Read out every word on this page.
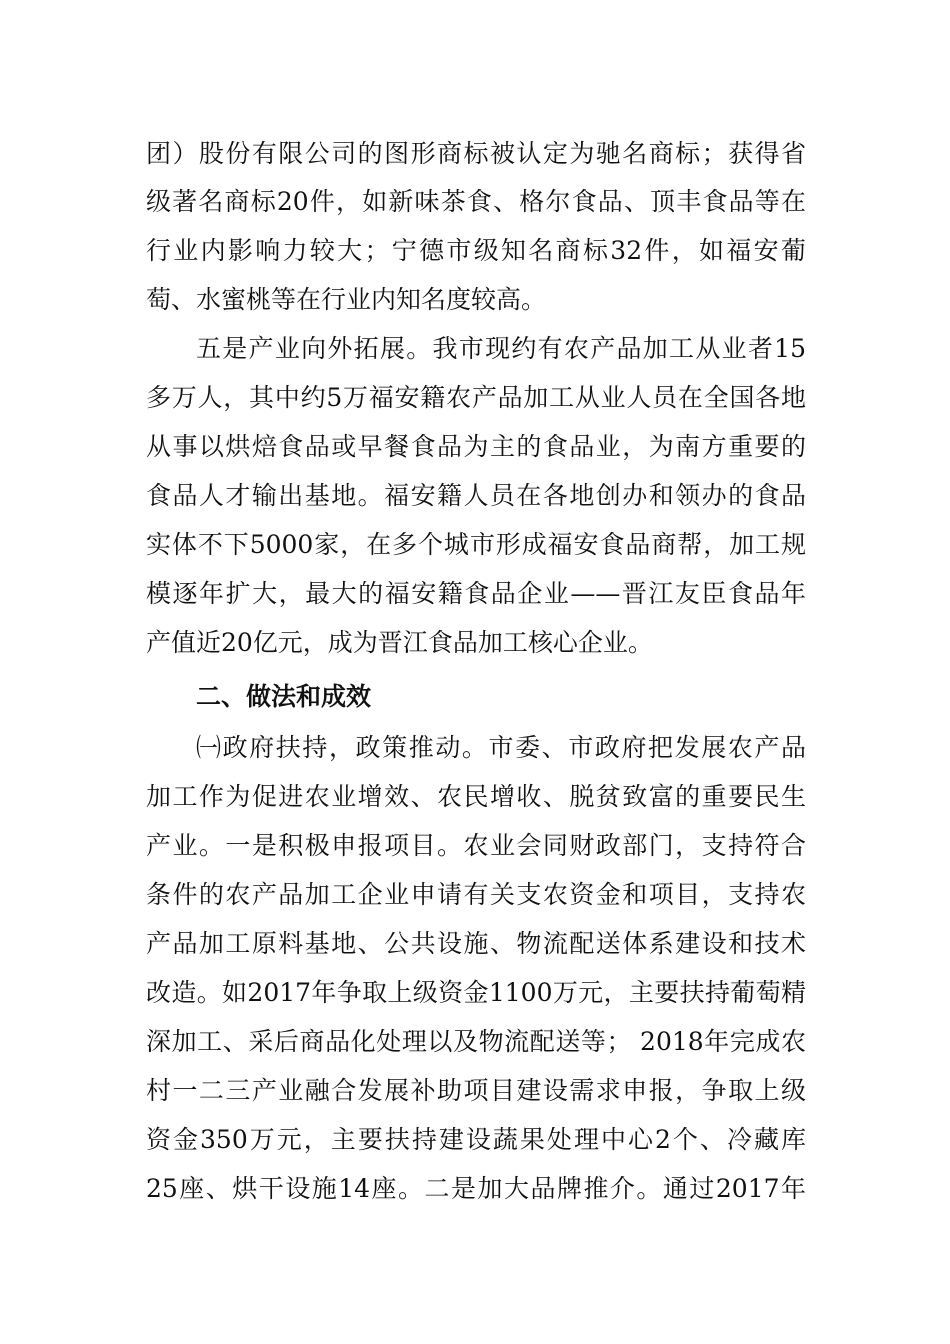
团）股份有限公司的图形商标被认定为驰名商标；获得省
级著名商标20件，如新味茶食、格尔食品、顶丰食品等在
行业内影响力较大；宁德市级知名商标32件，如福安葡
萄、水蜜桃等在行业内知名度较高。
五是产业向外拓展。我市现约有农产品加工从业者15
多万人，其中约5万福安籍农产品加工从业人员在全国各地
从事以烘焙食品或早餐食品为主的食品业，为南方重要的
食品人才输出基地。福安籍人员在各地创办和领办的食品
实体不下5000家，在多个城市形成福安食品商帮，加工规
模逐年扩大，最大的福安籍食品企业——晋江友臣食品年
产值近20亿元，成为晋江食品加工核心企业。
二、做法和成效
㈠政府扶持，政策推动。市委、市政府把发展农产品
加工作为促进农业增效、农民增收、脱贫致富的重要民生
产业。一是积极申报项目。农业会同财政部门，支持符合
条件的农产品加工企业申请有关支农资金和项目，支持农
产品加工原料基地、公共设施、物流配送体系建设和技术
改造。如2017年争取上级资金1100万元，主要扶持葡萄精
深加工、采后商品化处理以及物流配送等； 2018年完成农
村一二三产业融合发展补助项目建设需求申报，争取上级
资金350万元，主要扶持建设蔬果处理中心2个、冷藏库
25座、烘干设施14座。二是加大品牌推介。通过2017年
